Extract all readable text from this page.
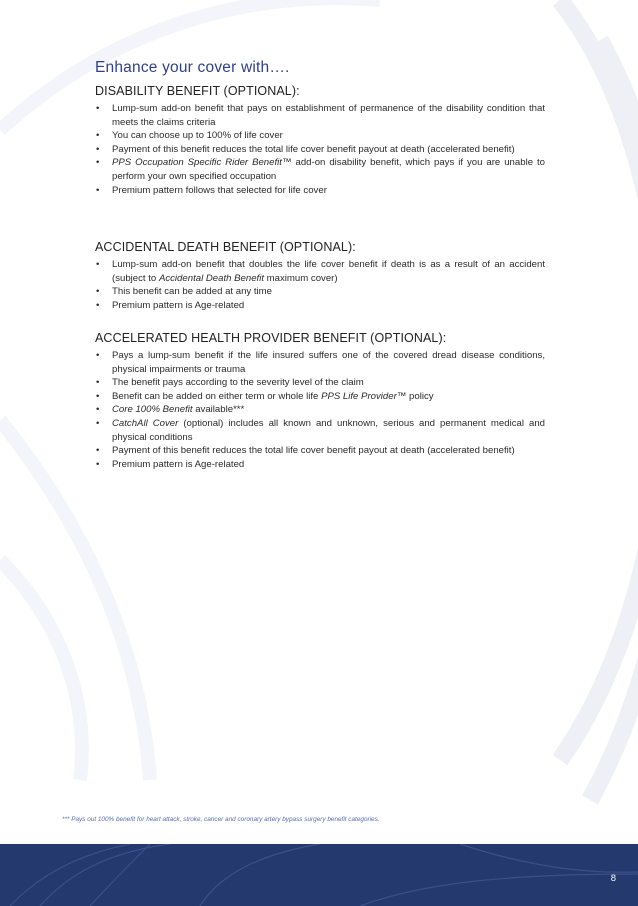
Enhance your cover with….
DISABILITY BENEFIT (OPTIONAL):
• Lump-sum add-on benefit that pays on establishment of permanence of the disability condition that meets the claims criteria
• You can choose up to 100% of life cover
• Payment of this benefit reduces the total life cover benefit payout at death (accelerated benefit)
• PPS Occupation Specific Rider Benefit™ add-on disability benefit, which pays if you are unable to perform your own specified occupation
• Premium pattern follows that selected for life cover
ACCIDENTAL DEATH BENEFIT (OPTIONAL):
• Lump-sum add-on benefit that doubles the life cover benefit if death is as a result of an accident (subject to Accidental Death Benefit maximum cover)
• This benefit can be added at any time
• Premium pattern is Age-related
ACCELERATED HEALTH PROVIDER BENEFIT (OPTIONAL):
• Pays a lump-sum benefit if the life insured suffers one of the covered dread disease conditions, physical impairments or trauma
• The benefit pays according to the severity level of the claim
• Benefit can be added on either term or whole life PPS Life Provider™ policy
• Core 100% Benefit available***
• CatchAll Cover (optional) includes all known and unknown, serious and permanent medical and physical conditions
• Payment of this benefit reduces the total life cover benefit payout at death (accelerated benefit)
• Premium pattern is Age-related
*** Pays out 100% benefit for heart attack, stroke, cancer and coronary artery bypass surgery benefit categories.
8
